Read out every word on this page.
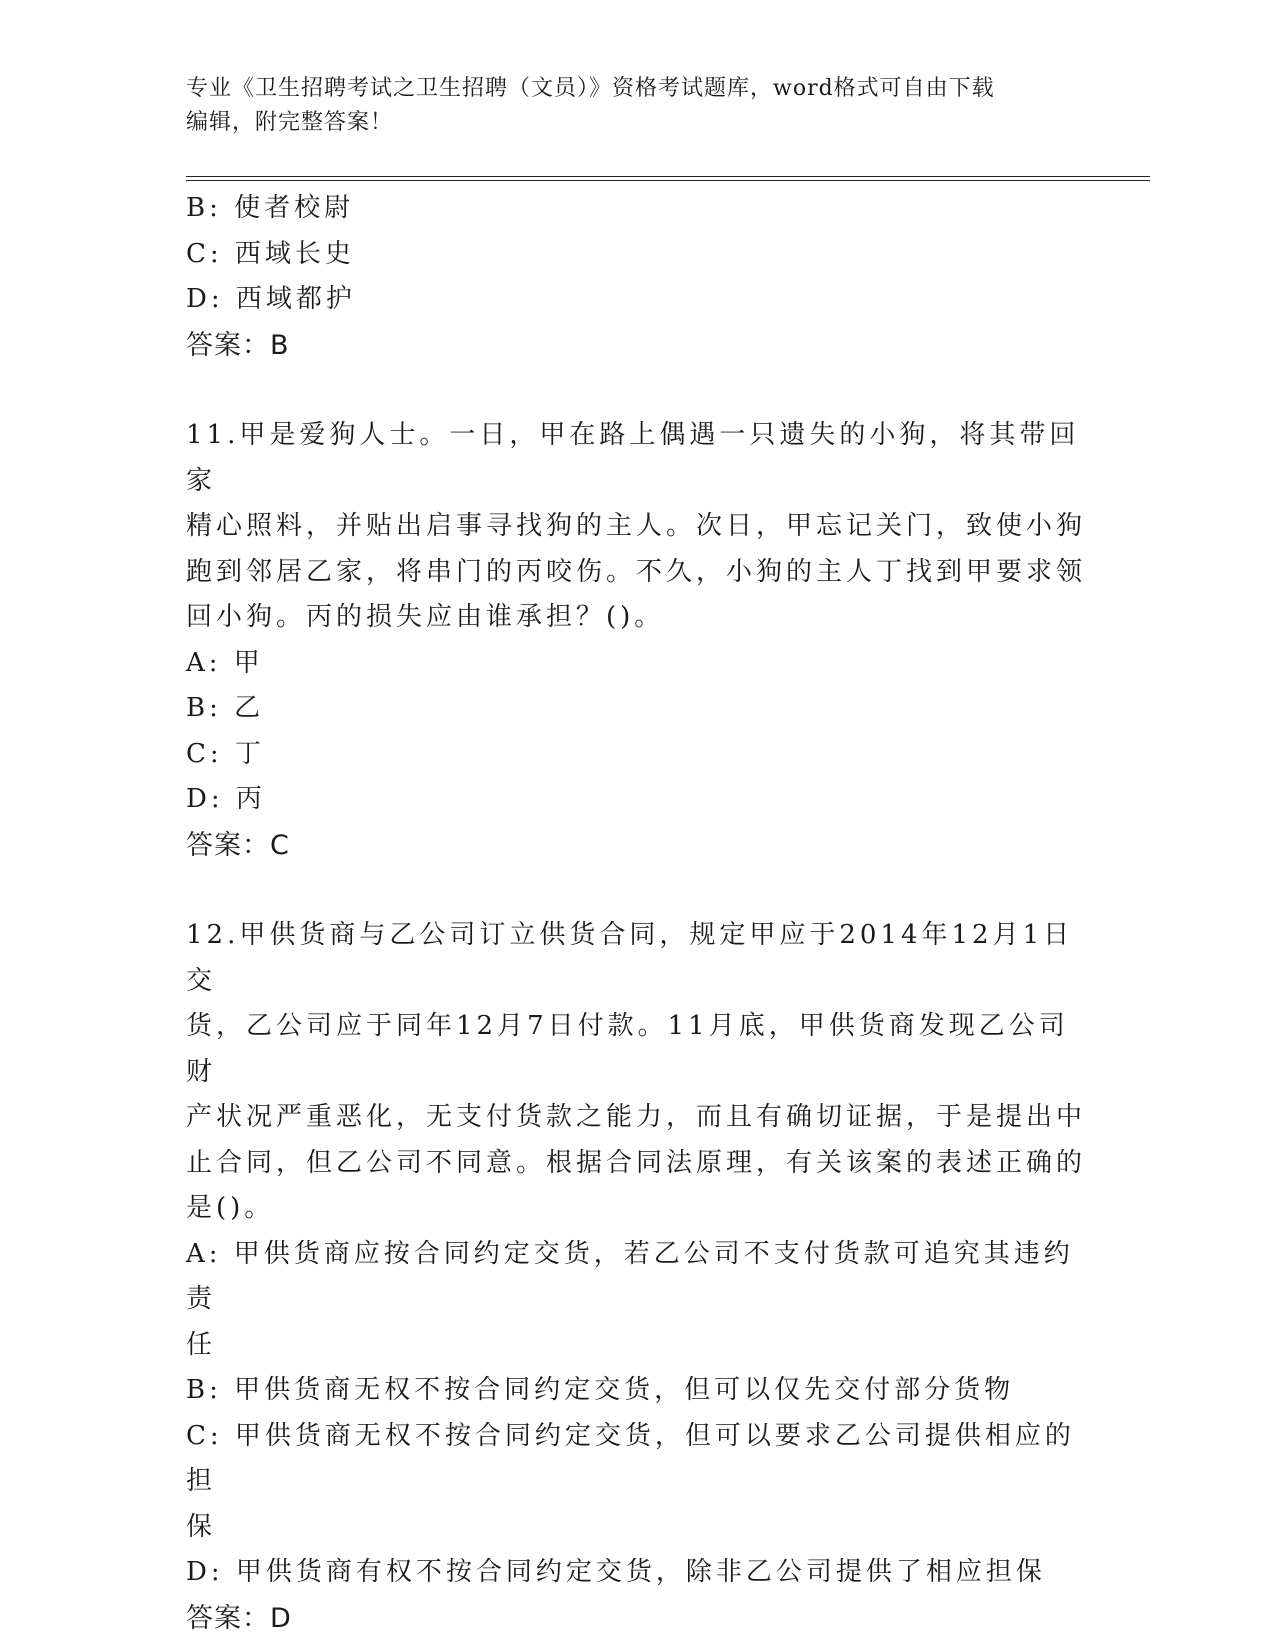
专业《卫生招聘考试之卫生招聘（文员）》资格考试题库，word格式可自由下载
编辑，附完整答案！

B: 使者校尉

C: 西域长史

D: 西域都护

答案：B

11.甲是爱狗人士。一日，甲在路上偶遇一只遗失的小狗，将其带回家

精心照料，并贴出启事寻找狗的主人。次日，甲忘记关门，致使小狗

跑到邻居乙家，将串门的丙咬伤。不久，小狗的主人丁找到甲要求领

回小狗。丙的损失应由谁承担？()。

A: 甲

B: 乙

C: 丁

D: 丙

答案：C

12.甲供货商与乙公司订立供货合同，规定甲应于2014年12月1日交

货，乙公司应于同年12月7日付款。11月底，甲供货商发现乙公司财

产状况严重恶化，无支付货款之能力，而且有确切证据，于是提出中

止合同，但乙公司不同意。根据合同法原理，有关该案的表述正确的

是()。

A: 甲供货商应按合同约定交货，若乙公司不支付货款可追究其违约责

任

B: 甲供货商无权不按合同约定交货，但可以仅先交付部分货物

C: 甲供货商无权不按合同约定交货，但可以要求乙公司提供相应的担

保

D: 甲供货商有权不按合同约定交货，除非乙公司提供了相应担保

答案：D
